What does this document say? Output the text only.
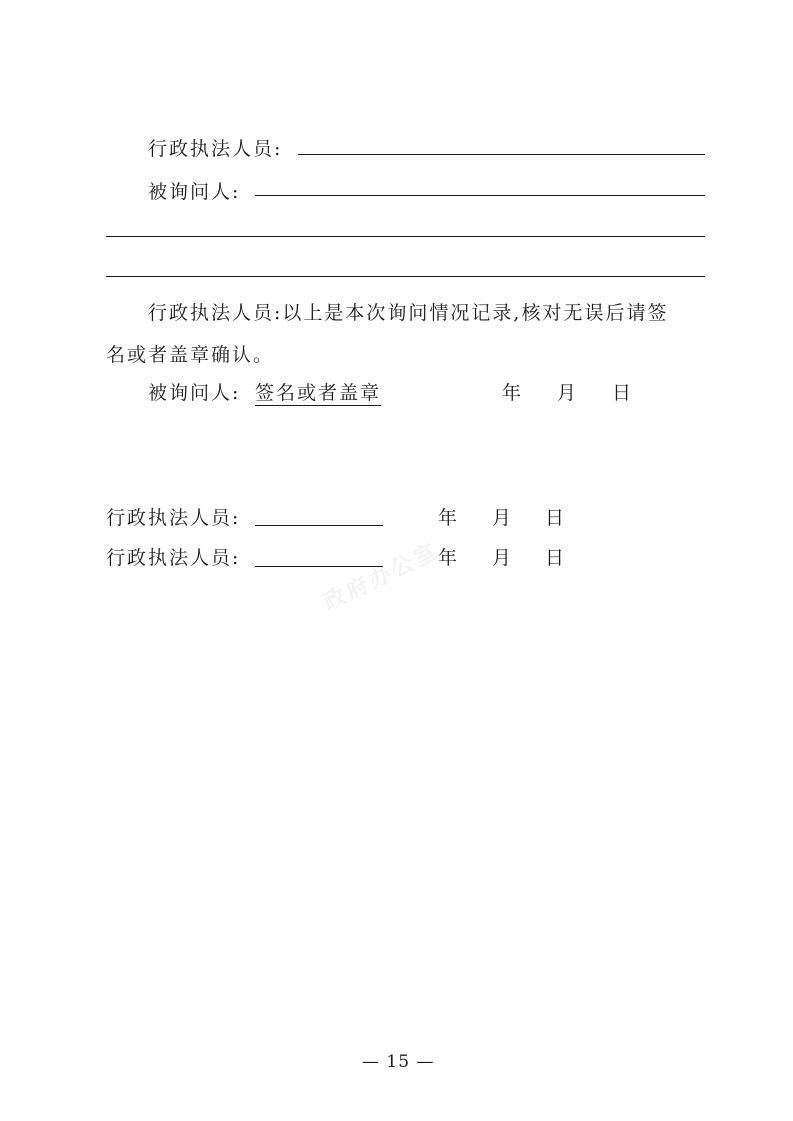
行政执法人员:
被询问人:
行政执法人员:以上是本次询问情况记录,核对无误后请签
名或者盖章确认。
被询问人: 签名或者盖章	年 月 日
行政执法人员:	年 月 日
行政执法人员:	年 月 日
政府办公室
— 15 —
